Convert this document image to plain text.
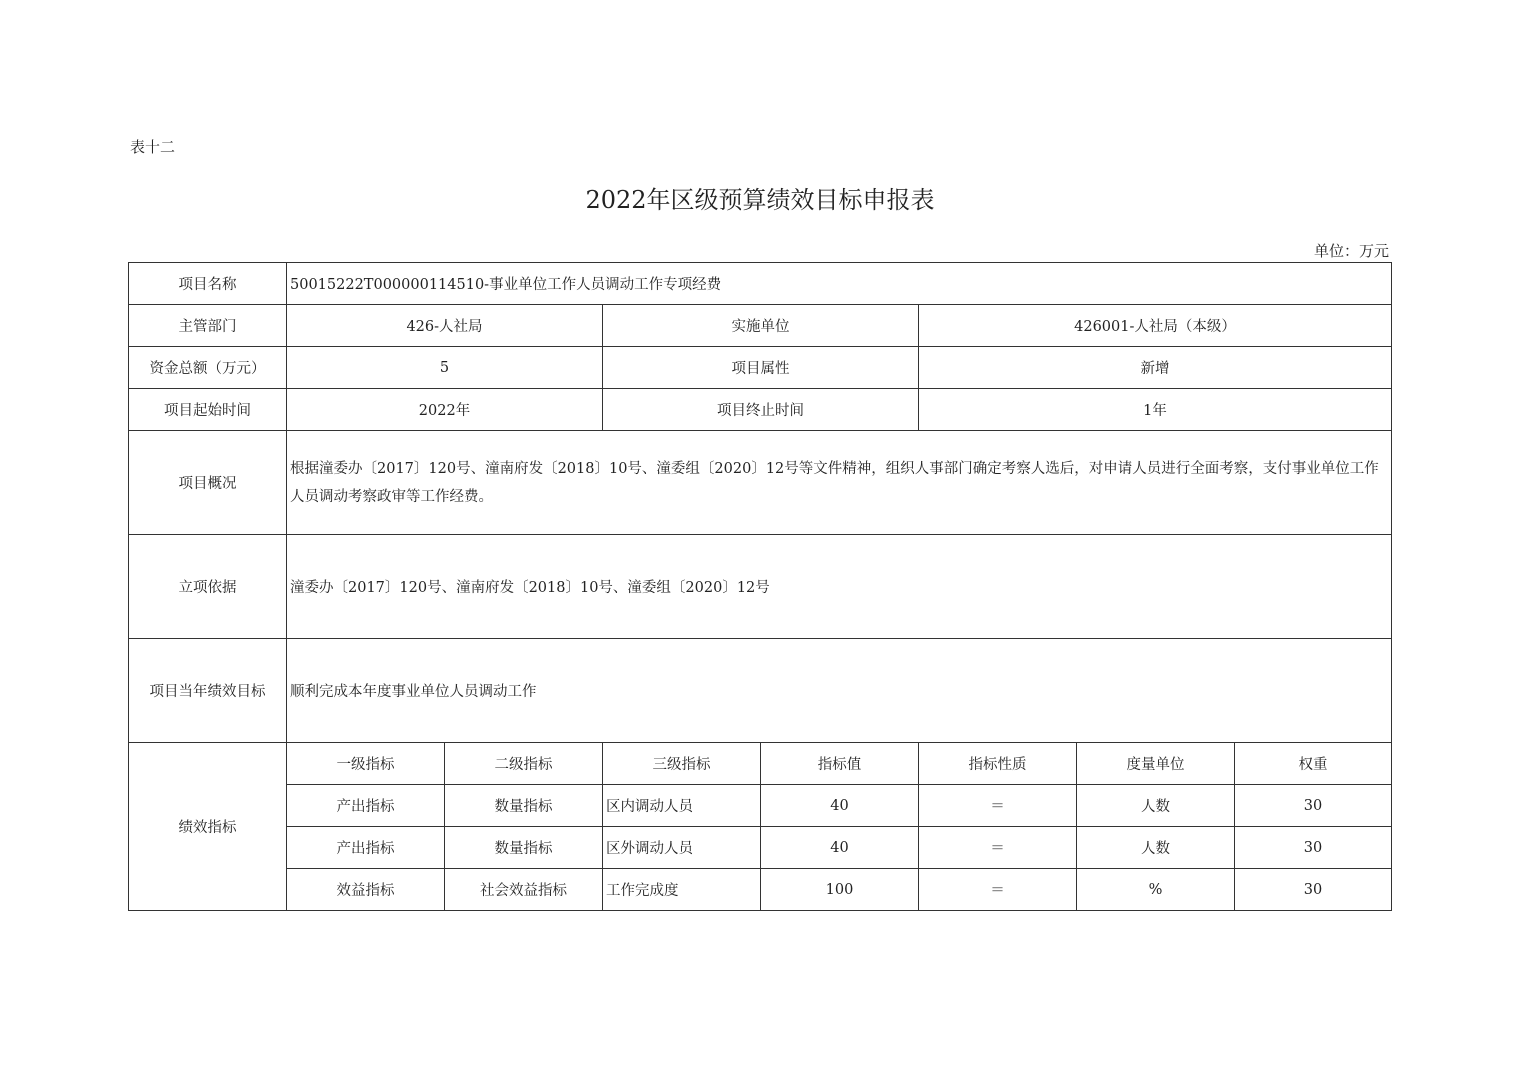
表十二
2022年区级预算绩效目标申报表
单位：万元
项目名称	50015222T000000114510-事业单位工作人员调动工作专项经费						
主管部门	426-人社局		实施单位		426001-人社局（本级）		
资金总额（万元）	5		项目属性		新增		
项目起始时间	2022年		项目终止时间		1年		
项目概况	根据潼委办〔2017〕120号、潼南府发〔2018〕10号、潼委组〔2020〕12号等文件精神，组织人事部门确定考察人选后，对申请人员进行全面考察，支付事业单位工作人员调动考察政审等工作经费。						
立项依据	潼委办〔2017〕120号、潼南府发〔2018〕10号、潼委组〔2020〕12号						
项目当年绩效目标	顺利完成本年度事业单位人员调动工作						
绩效指标	一级指标	二级指标	三级指标	指标值	指标性质	度量单位	权重
	产出指标	数量指标	区内调动人员	40	＝	人数	30
	产出指标	数量指标	区外调动人员	40	＝	人数	30
	效益指标	社会效益指标	工作完成度	100	＝	%	30
